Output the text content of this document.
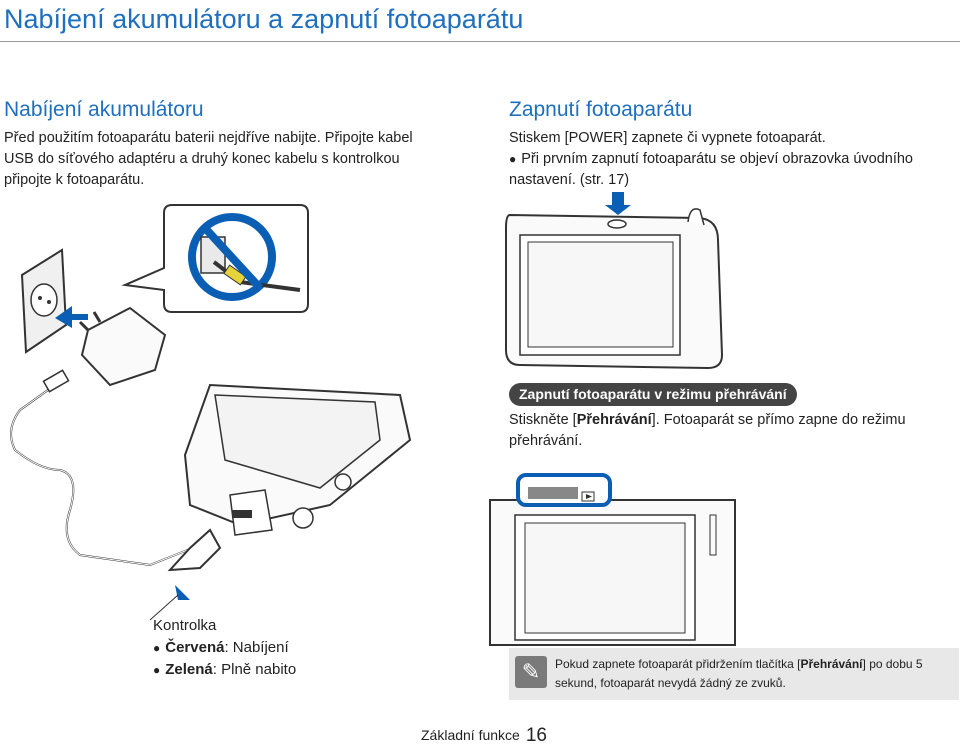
Nabíjení akumulátoru a zapnutí fotoaparátu
Nabíjení akumulátoru
Před použitím fotoaparátu baterii nejdříve nabijte. Připojte kabel USB do síťového adaptéru a druhý konec kabelu s kontrolkou připojte k fotoaparátu.
Zapnutí fotoaparátu
Stiskem [POWER] zapnete či vypnete fotoaparát.
● Při prvním zapnutí fotoaparátu se objeví obrazovka úvodního nastavení. (str. 17)
Zapnutí fotoaparátu v režimu přehrávání
Stiskněte [Přehrávání]. Fotoaparát se přímo zapne do režimu přehrávání.
Kontrolka
● Červená: Nabíjení
● Zelená: Plně nabito	✎	Pokud zapnete fotoaparát přidržením tlačítka [Přehrávání] po dobu 5 sekund, fotoaparát nevydá žádný ze zvuků.
Základní funkce 16
